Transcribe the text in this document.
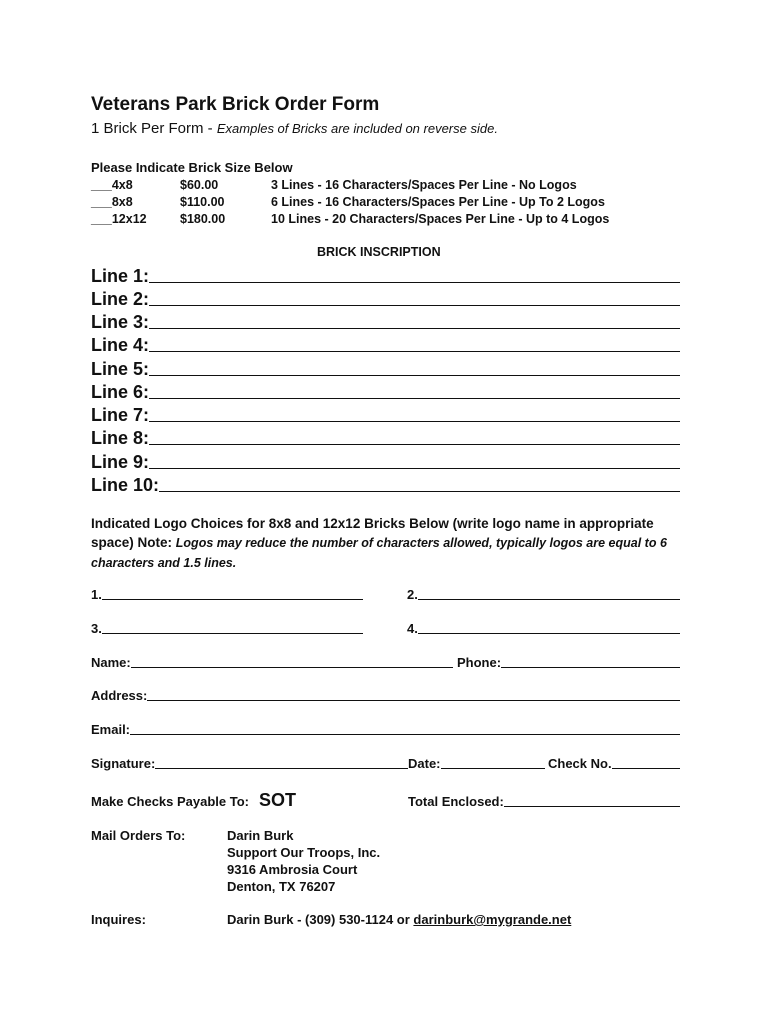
Veterans Park Brick Order Form
1 Brick Per Form - Examples of Bricks are included on reverse side.
Please Indicate Brick Size Below
___4x8	$60.00	3 Lines - 16 Characters/Spaces Per Line - No Logos
___8x8	$110.00	6 Lines - 16 Characters/Spaces Per Line - Up To 2 Logos
___12x12	$180.00	10 Lines - 20 Characters/Spaces Per Line - Up to 4 Logos
BRICK INSCRIPTION
Line 1:
Line 2:
Line 3:
Line 4:
Line 5:
Line 6:
Line 7:
Line 8:
Line 9:
Line 10:
Indicated Logo Choices for 8x8 and 12x12 Bricks Below (write logo name in appropriate space) Note: Logos may reduce the number of characters allowed, typically logos are equal to 6 characters and 1.5 lines.
1.	2.
3.	4.
Name:	Phone:
Address:
Email:
Signature:	Date:	Check No.
Make Checks Payable To: SOT	Total Enclosed:
Mail Orders To:	Darin Burk
Support Our Troops, Inc.
9316 Ambrosia Court
Denton, TX 76207
Inquires:	Darin Burk - (309) 530-1124 or darinburk@mygrande.net
